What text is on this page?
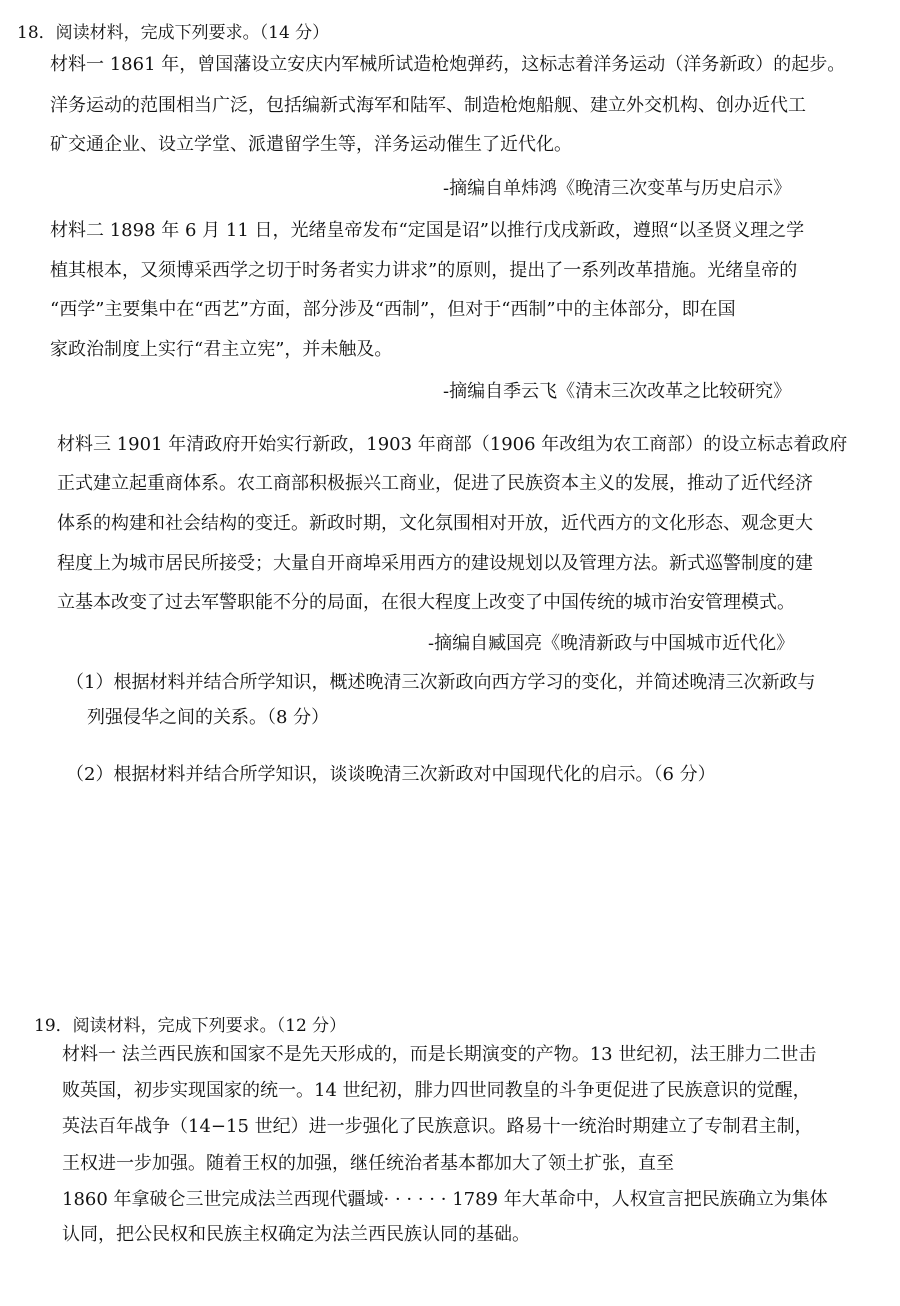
18．阅读材料，完成下列要求。（14 分）
材料一 1861 年，曾国藩设立安庆内军械所试造枪炮弹药，这标志着洋务运动（洋务新政）的起步。
洋务运动的范围相当广泛，包括编新式海军和陆军、制造枪炮船舰、建立外交机构、创办近代工
矿交通企业、设立学堂、派遣留学生等，洋务运动催生了近代化。
-摘编自单炜鸿《晚清三次变革与历史启示》
材料二 1898 年 6 月 11 日，光绪皇帝发布“定国是诏”以推行戊戌新政，遵照“以圣贤义理之学
植其根本，又须博采西学之切于时务者实力讲求”的原则，提出了一系列改革措施。光绪皇帝的
“西学”主要集中在“西艺”方面，部分涉及“西制”，但对于“西制”中的主体部分，即在国
家政治制度上实行“君主立宪”，并未触及。
-摘编自季云飞《清末三次改革之比较研究》
材料三 1901 年清政府开始实行新政，1903 年商部（1906 年改组为农工商部）的设立标志着政府
正式建立起重商体系。农工商部积极振兴工商业，促进了民族资本主义的发展，推动了近代经济
体系的构建和社会结构的变迁。新政时期，文化氛围相对开放，近代西方的文化形态、观念更大
程度上为城市居民所接受；大量自开商埠采用西方的建设规划以及管理方法。新式巡警制度的建
立基本改变了过去军警职能不分的局面，在很大程度上改变了中国传统的城市治安管理模式。
-摘编自臧国亮《晚清新政与中国城市近代化》
（1）根据材料并结合所学知识，概述晚清三次新政向西方学习的变化，并简述晚清三次新政与
列强侵华之间的关系。（8 分）
（2）根据材料并结合所学知识，谈谈晚清三次新政对中国现代化的启示。（6 分）
19．阅读材料，完成下列要求。（12 分）
材料一 法兰西民族和国家不是先天形成的，而是长期演变的产物。13 世纪初，法王腓力二世击
败英国，初步实现国家的统一。14 世纪初，腓力四世同教皇的斗争更促进了民族意识的觉醒，
英法百年战争（14−15 世纪）进一步强化了民族意识。路易十一统治时期建立了专制君主制，
王权进一步加强。随着王权的加强，继任统治者基本都加大了领土扩张，直至
1860 年拿破仑三世完成法兰西现代疆域· · · · · · 1789 年大革命中，人权宣言把民族确立为集体
认同，把公民权和民族主权确定为法兰西民族认同的基础。
